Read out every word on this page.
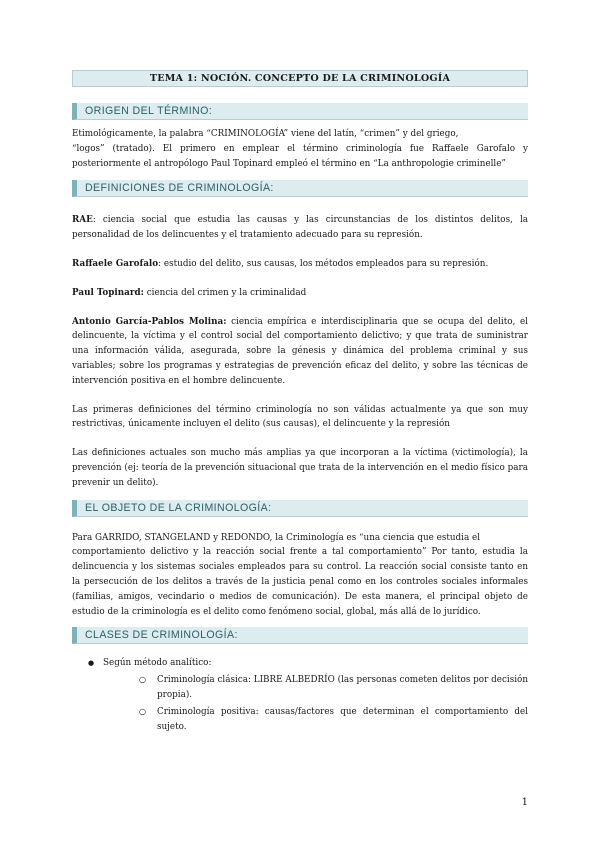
TEMA 1: NOCIÓN. CONCEPTO DE LA CRIMINOLOGÍA
ORIGEN DEL TÉRMINO:

Etimológicamente, la palabra “CRIMINOLOGÍA” viene del latín, “crimen” y del griego,

“logos” (tratado). El primero en emplear el término criminología fue Raffaele Garofalo y posteriormente el antropólogo Paul Topinard empleó el término en “La anthropologie criminelle”

DEFINICIONES DE CRIMINOLOGÍA:

RAE: ciencia social que estudia las causas y las circunstancias de los distintos delitos, la personalidad de los delincuentes y el tratamiento adecuado para su represión.

Raffaele Garofalo: estudio del delito, sus causas, los métodos empleados para su represión.

Paul Topinard: ciencia del crimen y la criminalidad

Antonio García-Pablos Molina: ciencia empírica e interdisciplinaria que se ocupa del delito, el delincuente, la víctima y el control social del comportamiento delictivo; y que trata de suministrar una información válida, asegurada, sobre la génesis y dinámica del problema criminal y sus variables; sobre los programas y estrategias de prevención eficaz del delito, y sobre las técnicas de intervención positiva en el hombre delincuente.

Las primeras definiciones del término criminología no son válidas actualmente ya que son muy restrictivas, únicamente incluyen el delito (sus causas), el delincuente y la represión

Las definiciones actuales son mucho más amplias ya que incorporan a la víctima (victimología), la prevención (ej: teoría de la prevención situacional que trata de la intervención en el medio físico para prevenir un delito).

EL OBJETO DE LA CRIMINOLOGÍA:

Para GARRIDO, STANGELAND y REDONDO, la Criminología es “una ciencia que estudia el

comportamiento delictivo y la reacción social frente a tal comportamiento” Por tanto, estudia la delincuencia y los sistemas sociales empleados para su control. La reacción social consiste tanto en la persecución de los delitos a través de la justicia penal como en los controles sociales informales (familias, amigos, vecindario o medios de comunicación). De esta manera, el principal objeto de estudio de la criminología es el delito como fenómeno social, global, más allá de lo jurídico.

CLASES DE CRIMINOLOGÍA:
● Según método analítico:
○ Criminología clásica: LIBRE ALBEDRÍO (las personas cometen delitos por decisión propia).
○ Criminología positiva: causas/factores que determinan el comportamiento del sujeto.
1
